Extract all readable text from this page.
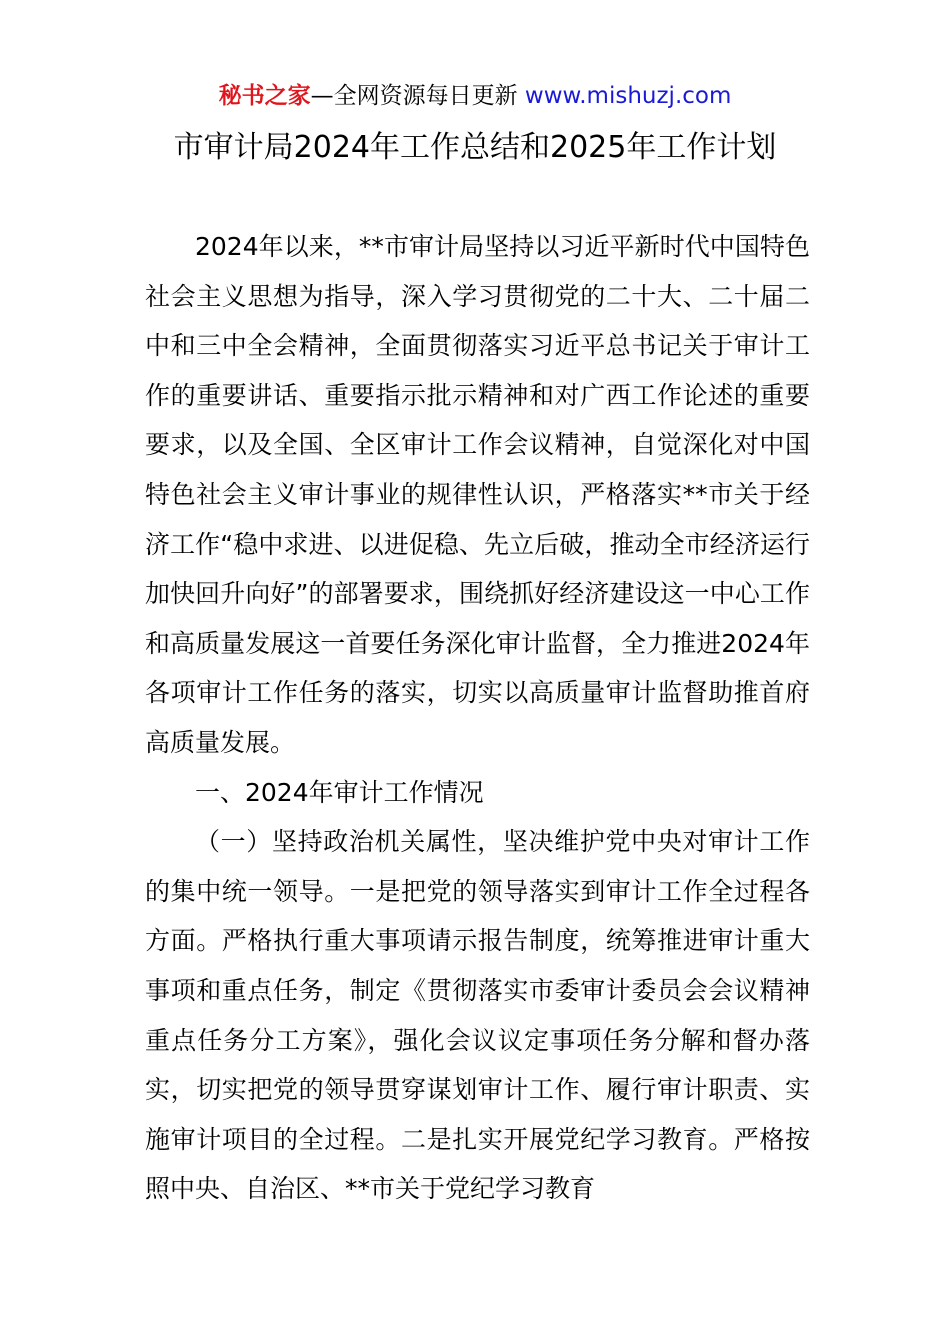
秘书之家—全网资源每日更新 www.mishuzj.com
市审计局2024年工作总结和2025年工作计划

2024年以来，**市审计局坚持以习近平新时代中国特色社会主义思想为指导，深入学习贯彻党的二十大、二十届二中和三中全会精神，全面贯彻落实习近平总书记关于审计工作的重要讲话、重要指示批示精神和对广西工作论述的重要要求，以及全国、全区审计工作会议精神，自觉深化对中国特色社会主义审计事业的规律性认识，严格落实**市关于经济工作“稳中求进、以进促稳、先立后破，推动全市经济运行加快回升向好”的部署要求，围绕抓好经济建设这一中心工作和高质量发展这一首要任务深化审计监督，全力推进2024年各项审计工作任务的落实，切实以高质量审计监督助推首府高质量发展。

一、2024年审计工作情况

（一）坚持政治机关属性，坚决维护党中央对审计工作的集中统一领导。一是把党的领导落实到审计工作全过程各方面。严格执行重大事项请示报告制度，统筹推进审计重大事项和重点任务，制定《贯彻落实市委审计委员会会议精神重点任务分工方案》，强化会议议定事项任务分解和督办落实，切实把党的领导贯穿谋划审计工作、履行审计职责、实施审计项目的全过程。二是扎实开展党纪学习教育。严格按照中央、自治区、**市关于党纪学习教育
